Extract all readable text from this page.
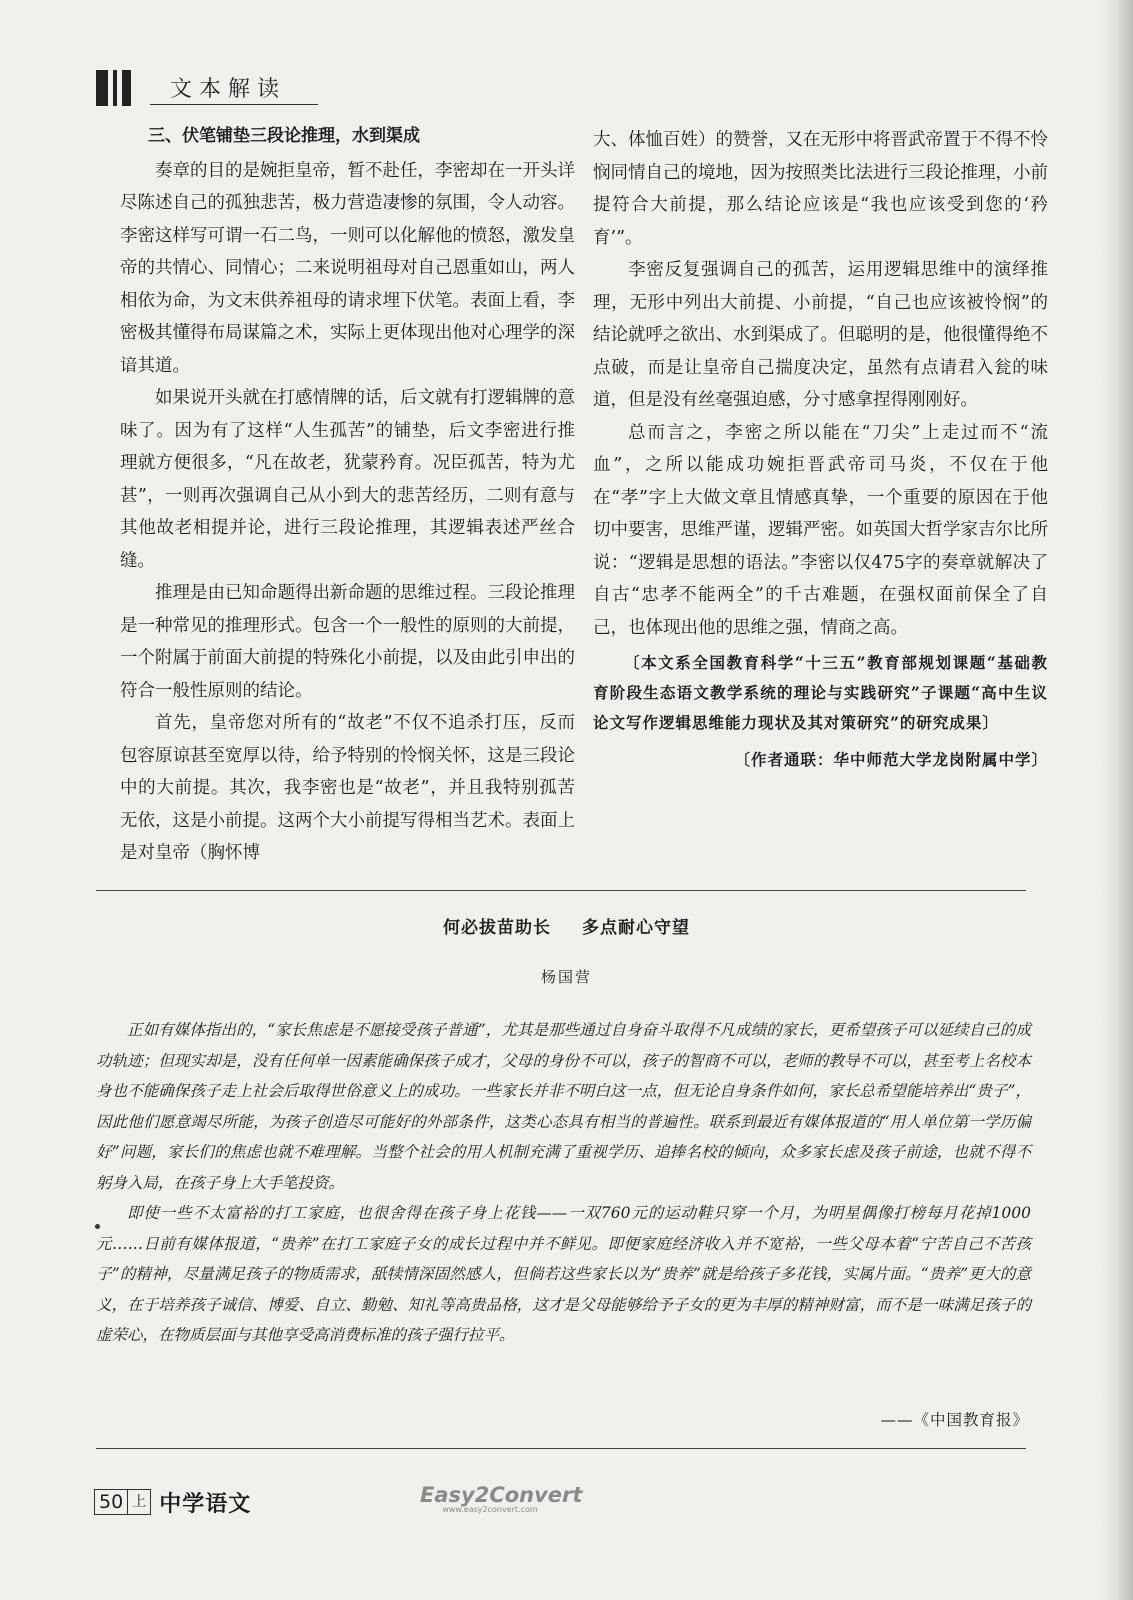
文本解读
三、伏笔铺垫三段论推理，水到渠成

奏章的目的是婉拒皇帝，暂不赴任，李密却在一开头详尽陈述自己的孤独悲苦，极力营造凄惨的氛围，令人动容。李密这样写可谓一石二鸟，一则可以化解他的愤怒，激发皇帝的共情心、同情心；二来说明祖母对自己恩重如山，两人相依为命，为文末供养祖母的请求埋下伏笔。表面上看，李密极其懂得布局谋篇之术，实际上更体现出他对心理学的深谙其道。

如果说开头就在打感情牌的话，后文就有打逻辑牌的意味了。因为有了这样“人生孤苦”的铺垫，后文李密进行推理就方便很多，“凡在故老，犹蒙矜育。况臣孤苦，特为尤甚”，一则再次强调自己从小到大的悲苦经历，二则有意与其他故老相提并论，进行三段论推理，其逻辑表述严丝合缝。

推理是由已知命题得出新命题的思维过程。三段论推理是一种常见的推理形式。包含一个一般性的原则的大前提，一个附属于前面大前提的特殊化小前提，以及由此引申出的符合一般性原则的结论。

首先，皇帝您对所有的“故老”不仅不追杀打压，反而包容原谅甚至宽厚以待，给予特别的怜悯关怀，这是三段论中的大前提。其次，我李密也是“故老”，并且我特别孤苦无依，这是小前提。这两个大小前提写得相当艺术。表面上是对皇帝（胸怀博

大、体恤百姓）的赞誉，又在无形中将晋武帝置于不得不怜悯同情自己的境地，因为按照类比法进行三段论推理，小前提符合大前提，那么结论应该是“我也应该受到您的‘矜育’”。

李密反复强调自己的孤苦，运用逻辑思维中的演绎推理，无形中列出大前提、小前提，“自己也应该被怜悯”的结论就呼之欲出、水到渠成了。但聪明的是，他很懂得绝不点破，而是让皇帝自己揣度决定，虽然有点请君入瓮的味道，但是没有丝毫强迫感，分寸感拿捏得刚刚好。

总而言之，李密之所以能在“刀尖”上走过而不“流血”，之所以能成功婉拒晋武帝司马炎，不仅在于他在“孝”字上大做文章且情感真挚，一个重要的原因在于他切中要害，思维严谨，逻辑严密。如英国大哲学家吉尔比所说：“逻辑是思想的语法。”李密以仅475字的奏章就解决了自古“忠孝不能两全”的千古难题，在强权面前保全了自己，也体现出他的思维之强，情商之高。

〔本文系全国教育科学“十三五”教育部规划课题“基础教育阶段生态语文教学系统的理论与实践研究”子课题“高中生议论文写作逻辑思维能力现状及其对策研究”的研究成果〕

〔作者通联：华中师范大学龙岗附属中学〕
何必拔苗助长 多点耐心守望
杨国营

正如有媒体指出的，“家长焦虑是不愿接受孩子普通”，尤其是那些通过自身奋斗取得不凡成绩的家长，更希望孩子可以延续自己的成功轨迹；但现实却是，没有任何单一因素能确保孩子成才，父母的身份不可以，孩子的智商不可以，老师的教导不可以，甚至考上名校本身也不能确保孩子走上社会后取得世俗意义上的成功。一些家长并非不明白这一点，但无论自身条件如何，家长总希望能培养出“贵子”，因此他们愿意竭尽所能，为孩子创造尽可能好的外部条件，这类心态具有相当的普遍性。联系到最近有媒体报道的“用人单位第一学历偏好”问题，家长们的焦虑也就不难理解。当整个社会的用人机制充满了重视学历、追捧名校的倾向，众多家长虑及孩子前途，也就不得不躬身入局，在孩子身上大手笔投资。

即使一些不太富裕的打工家庭，也很舍得在孩子身上花钱——一双760元的运动鞋只穿一个月，为明星偶像打榜每月花掉1000元……日前有媒体报道，“贵养”在打工家庭子女的成长过程中并不鲜见。即便家庭经济收入并不宽裕，一些父母本着“宁苦自己不苦孩子”的精神，尽量满足孩子的物质需求，舐犊情深固然感人，但倘若这些家长以为“贵养”就是给孩子多花钱，实属片面。“贵养”更大的意义，在于培养孩子诚信、博爱、自立、勤勉、知礼等高贵品格，这才是父母能够给予子女的更为丰厚的精神财富，而不是一味满足孩子的虚荣心，在物质层面与其他享受高消费标准的孩子强行拉平。

——《中国教育报》
50 上 中学语文	Easy2Convert
www.easy2convert.com
